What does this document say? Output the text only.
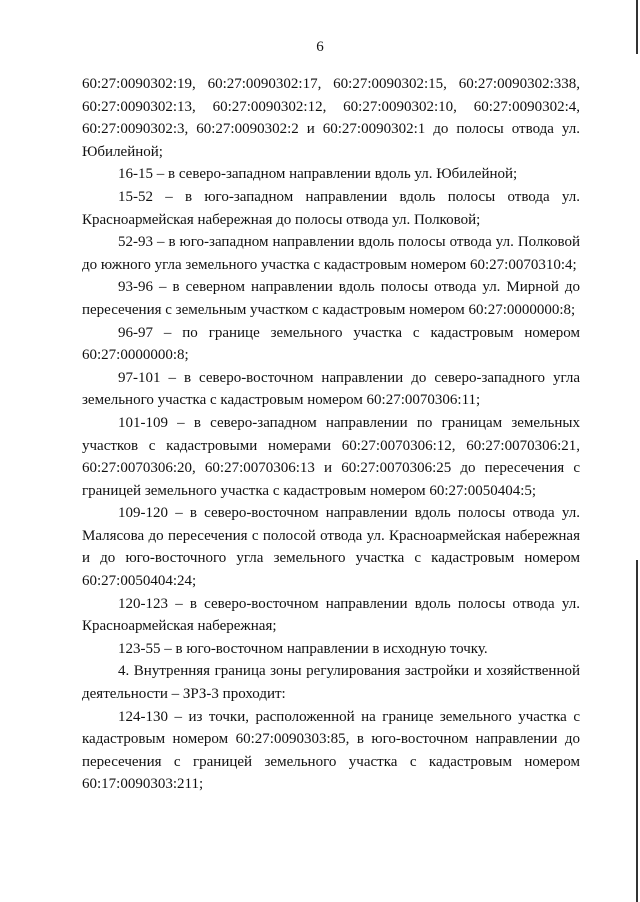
6

60:27:0090302:19, 60:27:0090302:17, 60:27:0090302:15, 60:27:0090302:338, 60:27:0090302:13, 60:27:0090302:12, 60:27:0090302:10, 60:27:0090302:4, 60:27:0090302:3, 60:27:0090302:2 и 60:27:0090302:1 до полосы отвода ул. Юбилейной;

16-15 – в северо-западном направлении вдоль ул. Юбилейной;

15-52 – в юго-западном направлении вдоль полосы отвода ул. Красноармейская набережная до полосы отвода ул. Полковой;

52-93 – в юго-западном направлении вдоль полосы отвода ул. Полковой до южного угла земельного участка с кадастровым номером 60:27:0070310:4;

93-96 – в северном направлении вдоль полосы отвода ул. Мирной до пересечения с земельным участком с кадастровым номером 60:27:0000000:8;

96-97 – по границе земельного участка с кадастровым номером 60:27:0000000:8;

97-101 – в северо-восточном направлении до северо-западного угла земельного участка с кадастровым номером 60:27:0070306:11;

101-109 – в северо-западном направлении по границам земельных участков с кадастровыми номерами 60:27:0070306:12, 60:27:0070306:21, 60:27:0070306:20, 60:27:0070306:13 и 60:27:0070306:25 до пересечения с границей земельного участка с кадастровым номером 60:27:0050404:5;

109-120 – в северо-восточном направлении вдоль полосы отвода ул. Малясова до пересечения с полосой отвода ул. Красноармейская набережная и до юго-восточного угла земельного участка с кадастровым номером 60:27:0050404:24;

120-123 – в северо-восточном направлении вдоль полосы отвода ул. Красноармейская набережная;

123-55 – в юго-восточном направлении в исходную точку.

4. Внутренняя граница зоны регулирования застройки и хозяйственной деятельности – ЗРЗ-3 проходит:

124-130 – из точки, расположенной на границе земельного участка с кадастровым номером 60:27:0090303:85, в юго-восточном направлении до пересечения с границей земельного участка с кадастровым номером 60:17:0090303:211;
